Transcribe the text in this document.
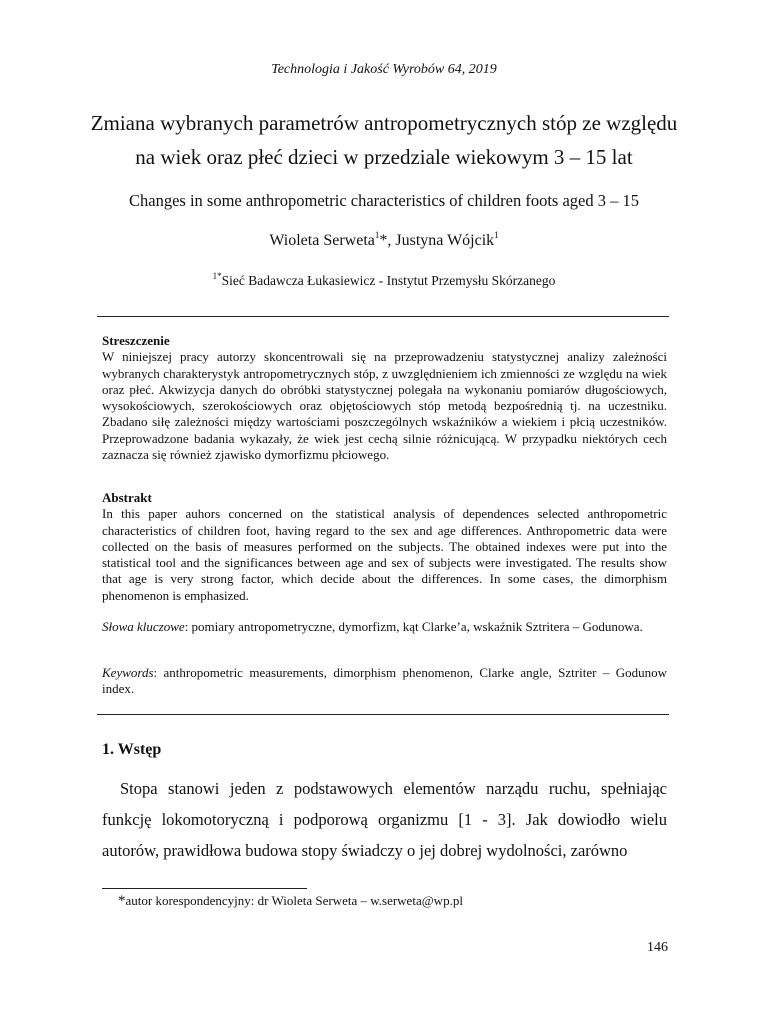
Technologia i Jakość Wyrobów 64, 2019
Zmiana wybranych parametrów antropometrycznych stóp ze względu
na wiek oraz płeć dzieci w przedziale wiekowym 3 – 15 lat
Changes in some anthropometric characteristics of children foots aged 3 – 15
Wioleta Serweta$^1$*, Justyna Wójcik$^1$
$^{1*}$Sieć Badawcza Łukasiewicz - Instytut Przemysłu Skórzanego
Streszczenie
W niniejszej pracy autorzy skoncentrowali się na przeprowadzeniu statystycznej analizy zależności wybranych charakterystyk antropometrycznych stóp, z uwzględnieniem ich zmienności ze względu na wiek oraz płeć. Akwizycja danych do obróbki statystycznej polegała na wykonaniu pomiarów długościowych, wysokościowych, szerokościowych oraz objętościowych stóp metodą bezpośrednią tj. na uczestniku. Zbadano siłę zależności między wartościami poszczególnych wskaźników a wiekiem i płcią uczestników. Przeprowadzone badania wykazały, że wiek jest cechą silnie różnicującą. W przypadku niektórych cech zaznacza się również zjawisko dymorfizmu płciowego.
Abstrakt
In this paper auhors concerned on the statistical analysis of dependences selected anthropometric characteristics of children foot, having regard to the sex and age differences. Anthropometric data were collected on the basis of measures performed on the subjects. The obtained indexes were put into the statistical tool and the significances between age and sex of subjects were investigated. The results show that age is very strong factor, which decide about the differences. In some cases, the dimorphism phenomenon is emphasized.
Słowa kluczowe: pomiary antropometryczne, dymorfizm, kąt Clarke’a, wskaźnik Sztritera – Godunowa.
Keywords: anthropometric measurements, dimorphism phenomenon, Clarke angle, Sztriter – Godunow index.
1. Wstęp
Stopa stanowi jeden z podstawowych elementów narządu ruchu, spełniając funkcję lokomotoryczną i podporową organizmu [1 - 3]. Jak dowiodło wielu autorów, prawidłowa budowa stopy świadczy o jej dobrej wydolności, zarówno
*autor korespondencyjny: dr Wioleta Serweta – w.serweta@wp.pl
146
